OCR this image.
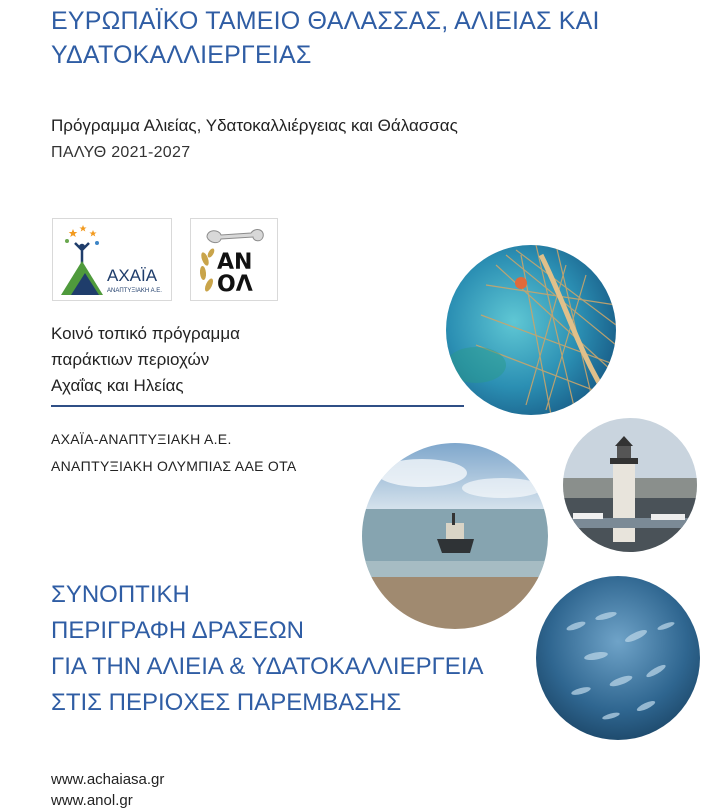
ΕΥΡΩΠΑΪΚΟ ΤΑΜΕΙΟ ΘΑΛΑΣΣΑΣ, ΑΛΙΕΙΑΣ ΚΑΙ
ΥΔΑΤΟΚΑΛΛΙΕΡΓΕΙΑΣ
Πρόγραμμα Αλιείας, Υδατοκαλλιέργειας και Θάλασσας
ΠΑΛΥΘ 2021-2027
ΑΧΑΪΑ
ΑΝΑΠΤΥΞΙΑΚΗ Α.Ε.
ΑΝ
ΟΛ
Κοινό τοπικό πρόγραμμα
παράκτιων περιοχών
Αχαΐας και Ηλείας
ΑΧΑΪΑ-ΑΝΑΠΤΥΞΙΑΚΗ Α.Ε.
ΑΝΑΠΤΥΞΙΑΚΗ ΟΛΥΜΠΙΑΣ ΑΑΕ ΟΤΑ
ΣΥΝΟΠΤΙΚΗ
ΠΕΡΙΓΡΑΦΗ ΔΡΑΣΕΩΝ
ΓΙΑ ΤΗΝ ΑΛΙΕΙΑ & ΥΔΑΤΟΚΑΛΛΙΕΡΓΕΙΑ
ΣΤΙΣ ΠΕΡΙΟΧΕΣ ΠΑΡΕΜΒΑΣΗΣ
www.achaiasa.gr
www.anol.gr
